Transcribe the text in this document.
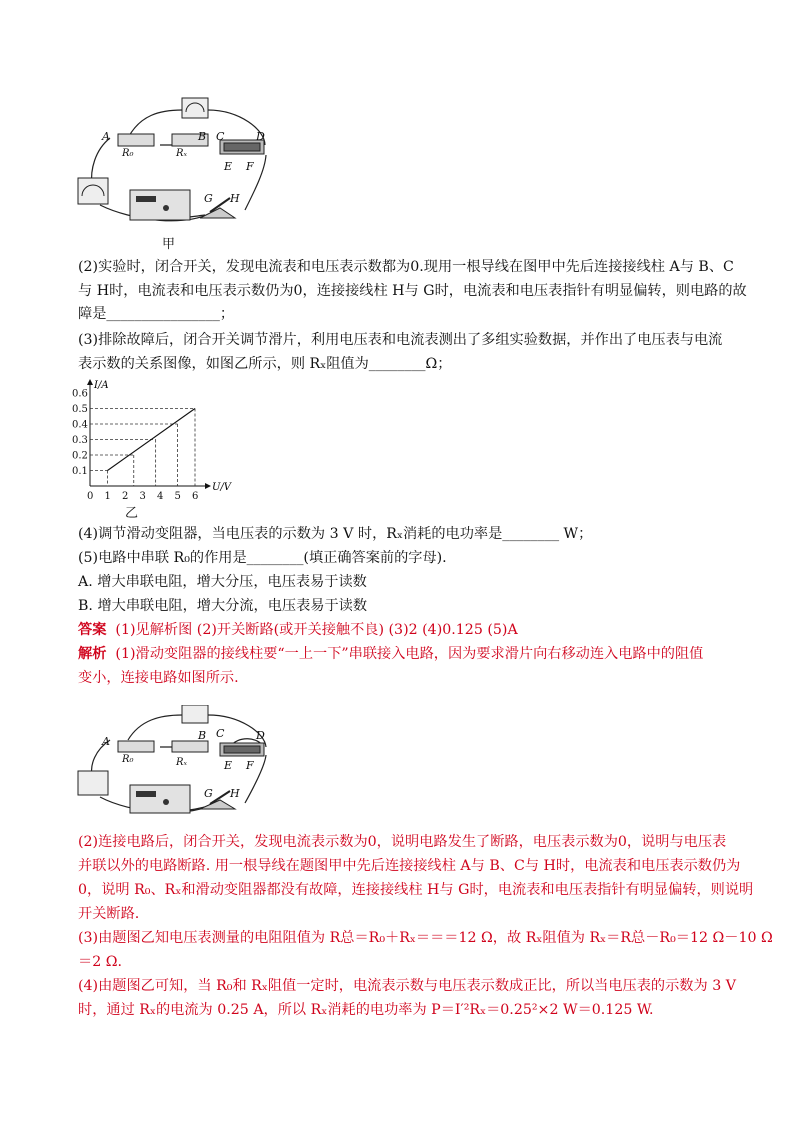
A	B C	D
E F
G H
R₀	Rₓ
甲
(2)实验时，闭合开关，发现电流表和电压表示数都为0.现用一根导线在图甲中先后连接接线柱 A与 B、C
与 H时，电流表和电压表示数仍为0，连接接线柱 H与 G时，电流表和电压表指针有明显偏转，则电路的故
障是________________；
(3)排除故障后，闭合开关调节滑片，利用电压表和电流表测出了多组实验数据，并作出了电压表与电流
表示数的关系图像，如图乙所示，则 Rₓ阻值为________Ω；
0.1
0.2
0.3
0.4
0.5
0.6
0 1 2 3 4 5 6
I/A
U/V
乙
(4)调节滑动变阻器，当电压表的示数为 3 V 时，Rₓ消耗的电功率是________ W；
(5)电路中串联 R₀的作用是________(填正确答案前的字母).
A. 增大串联电阻，增大分压，电压表易于读数
B. 增大串联电阻，增大分流，电压表易于读数
答案 (1)见解析图 (2)开关断路(或开关接触不良) (3)2 (4)0.125 (5)A
解析 (1)滑动变阻器的接线柱要“一上一下”串联接入电路，因为要求滑片向右移动连入电路中的阻值
变小，连接电路如图所示.
A	B C	D
E F
G H
R₀	Rₓ
(2)连接电路后，闭合开关，发现电流表示数为0，说明电路发生了断路，电压表示数为0，说明与电压表
并联以外的电路断路. 用一根导线在题图甲中先后连接接线柱 A与 B、C与 H时，电流表和电压表示数仍为
0，说明 R₀、Rₓ和滑动变阻器都没有故障，连接接线柱 H与 G时，电流表和电压表指针有明显偏转，则说明
开关断路.
(3)由题图乙知电压表测量的电阻阻值为 R总＝R₀＋Rₓ＝＝＝12 Ω，故 Rₓ阻值为 Rₓ＝R总－R₀＝12 Ω－10 Ω
＝2 Ω.
(4)由题图乙可知，当 R₀和 Rₓ阻值一定时，电流表示数与电压表示数成正比，所以当电压表的示数为 3 V
时，通过 Rₓ的电流为 0.25 A，所以 Rₓ消耗的电功率为 P＝I′²Rₓ＝0.25²×2 W＝0.125 W.
